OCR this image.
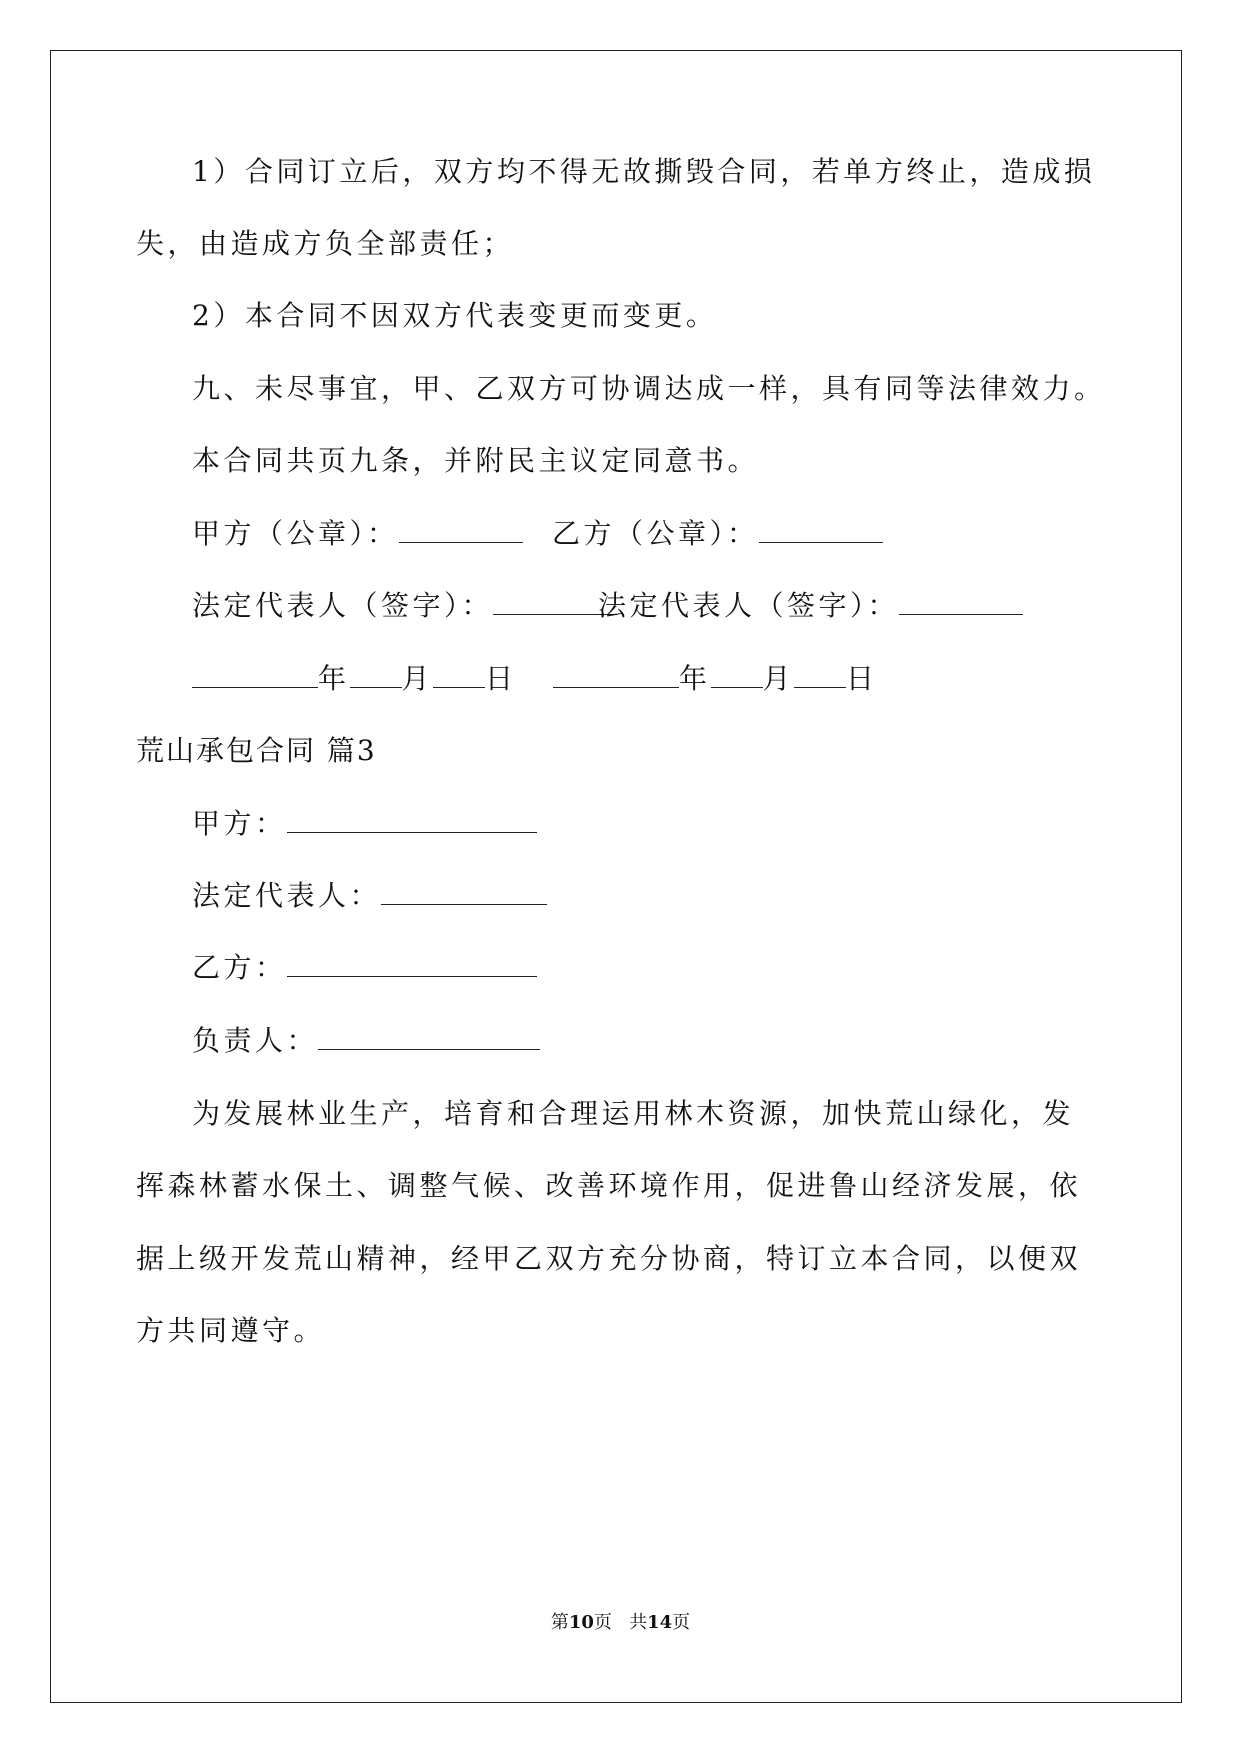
1）合同订立后，双方均不得无故撕毁合同，若单方终止，造成损
失，由造成方负全部责任；
2）本合同不因双方代表变更而变更。
九、未尽事宜，甲、乙双方可协调达成一样，具有同等法律效力。
本合同共页九条，并附民主议定同意书。
甲方（公章）：	乙方（公章）：
法定代表人（签字）：	法定代表人（签字）：
年 月 日	年 月 日
荒山承包合同 篇3
甲方：
法定代表人：
乙方：
负责人：
为发展林业生产，培育和合理运用林木资源，加快荒山绿化，发
挥森林蓄水保土、调整气候、改善环境作用，促进鲁山经济发展，依
据上级开发荒山精神，经甲乙双方充分协商，特订立本合同，以便双
方共同遵守。
第10页 共14页
